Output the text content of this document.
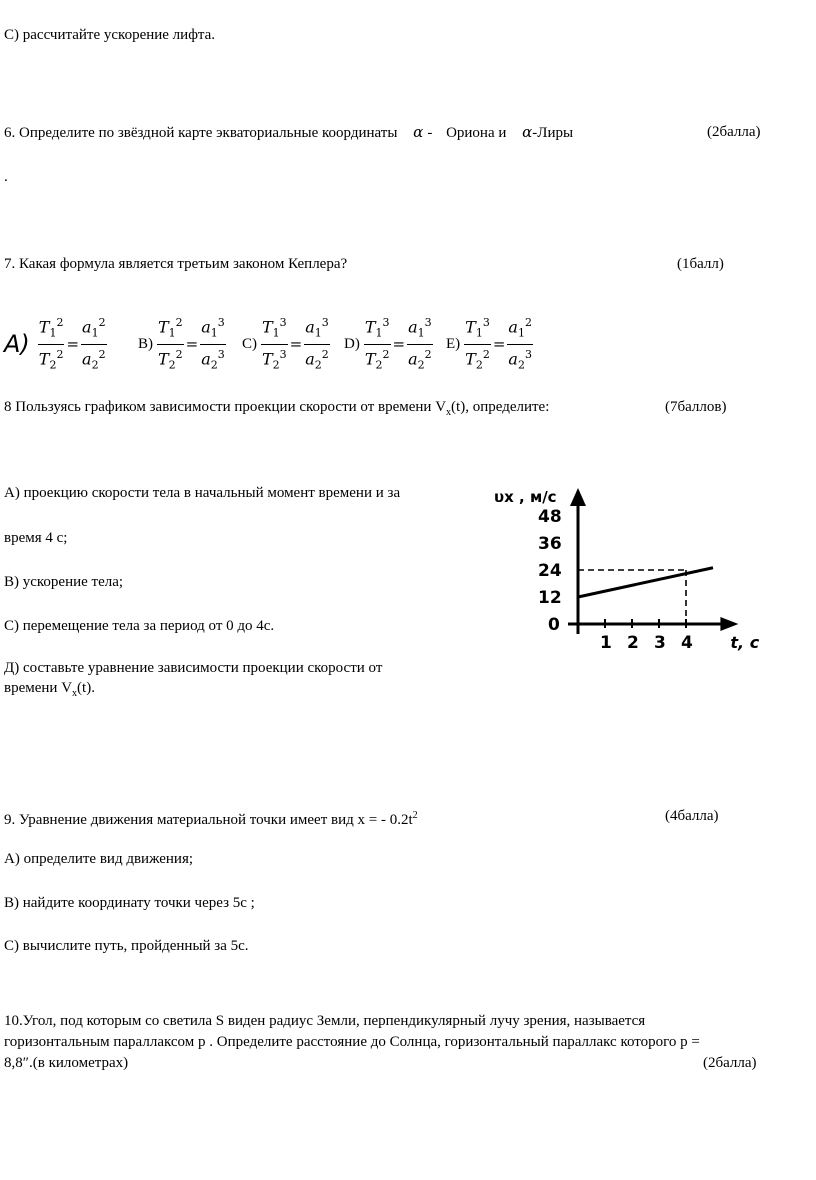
С) рассчитайте ускорение лифта.
6. Определите по звёздной карте экваториальные координаты α - Ориона и α-Лиры	(2балла)
.
7. Какая формула является третьим законом Кеплера?	(1балл)
$A) \frac{T_1^2}{T_2^2} = \frac{a_1^2}{a_2^2} B) \frac{T_1^2}{T_2^2} = \frac{a_1^3}{a_2^3} C) \frac{T_1^3}{T_2^3} = \frac{a_1^3}{a_2^2} D) \frac{T_1^3}{T_2^2} = \frac{a_1^3}{a_2^2} E) \frac{T_1^3}{T_2^2} = \frac{a_1^2}{a_2^3}$
8 Пользуясь графиком зависимости проекции скорости от времени $V_x(t)$, определите:	(7баллов)
А) проекцию скорости тела в начальный момент времени и за
время 4 с;
В) ускорение тела;
С) перемещение тела за период от 0 до 4с.
Д) составьте уравнение зависимости проекции скорости от
времени $V_x(t)$.
υx , м/с
48
36
24
12
0
1 2 3 4 t, с
9. Уравнение движения материальной точки имеет вид x = - $0.2t^2$	(4балла)
А) определите вид движения;
В) найдите координату точки через 5с ;
С) вычислите путь, пройденный за 5с.
10.Угол, под которым со светила S виден радиус Земли, перпендикулярный лучу зрения, называется
горизонтальным параллаксом p . Определите расстояние до Солнца, горизонтальный параллакс которого p =
8,8″.(в километрах)	(2балла)
